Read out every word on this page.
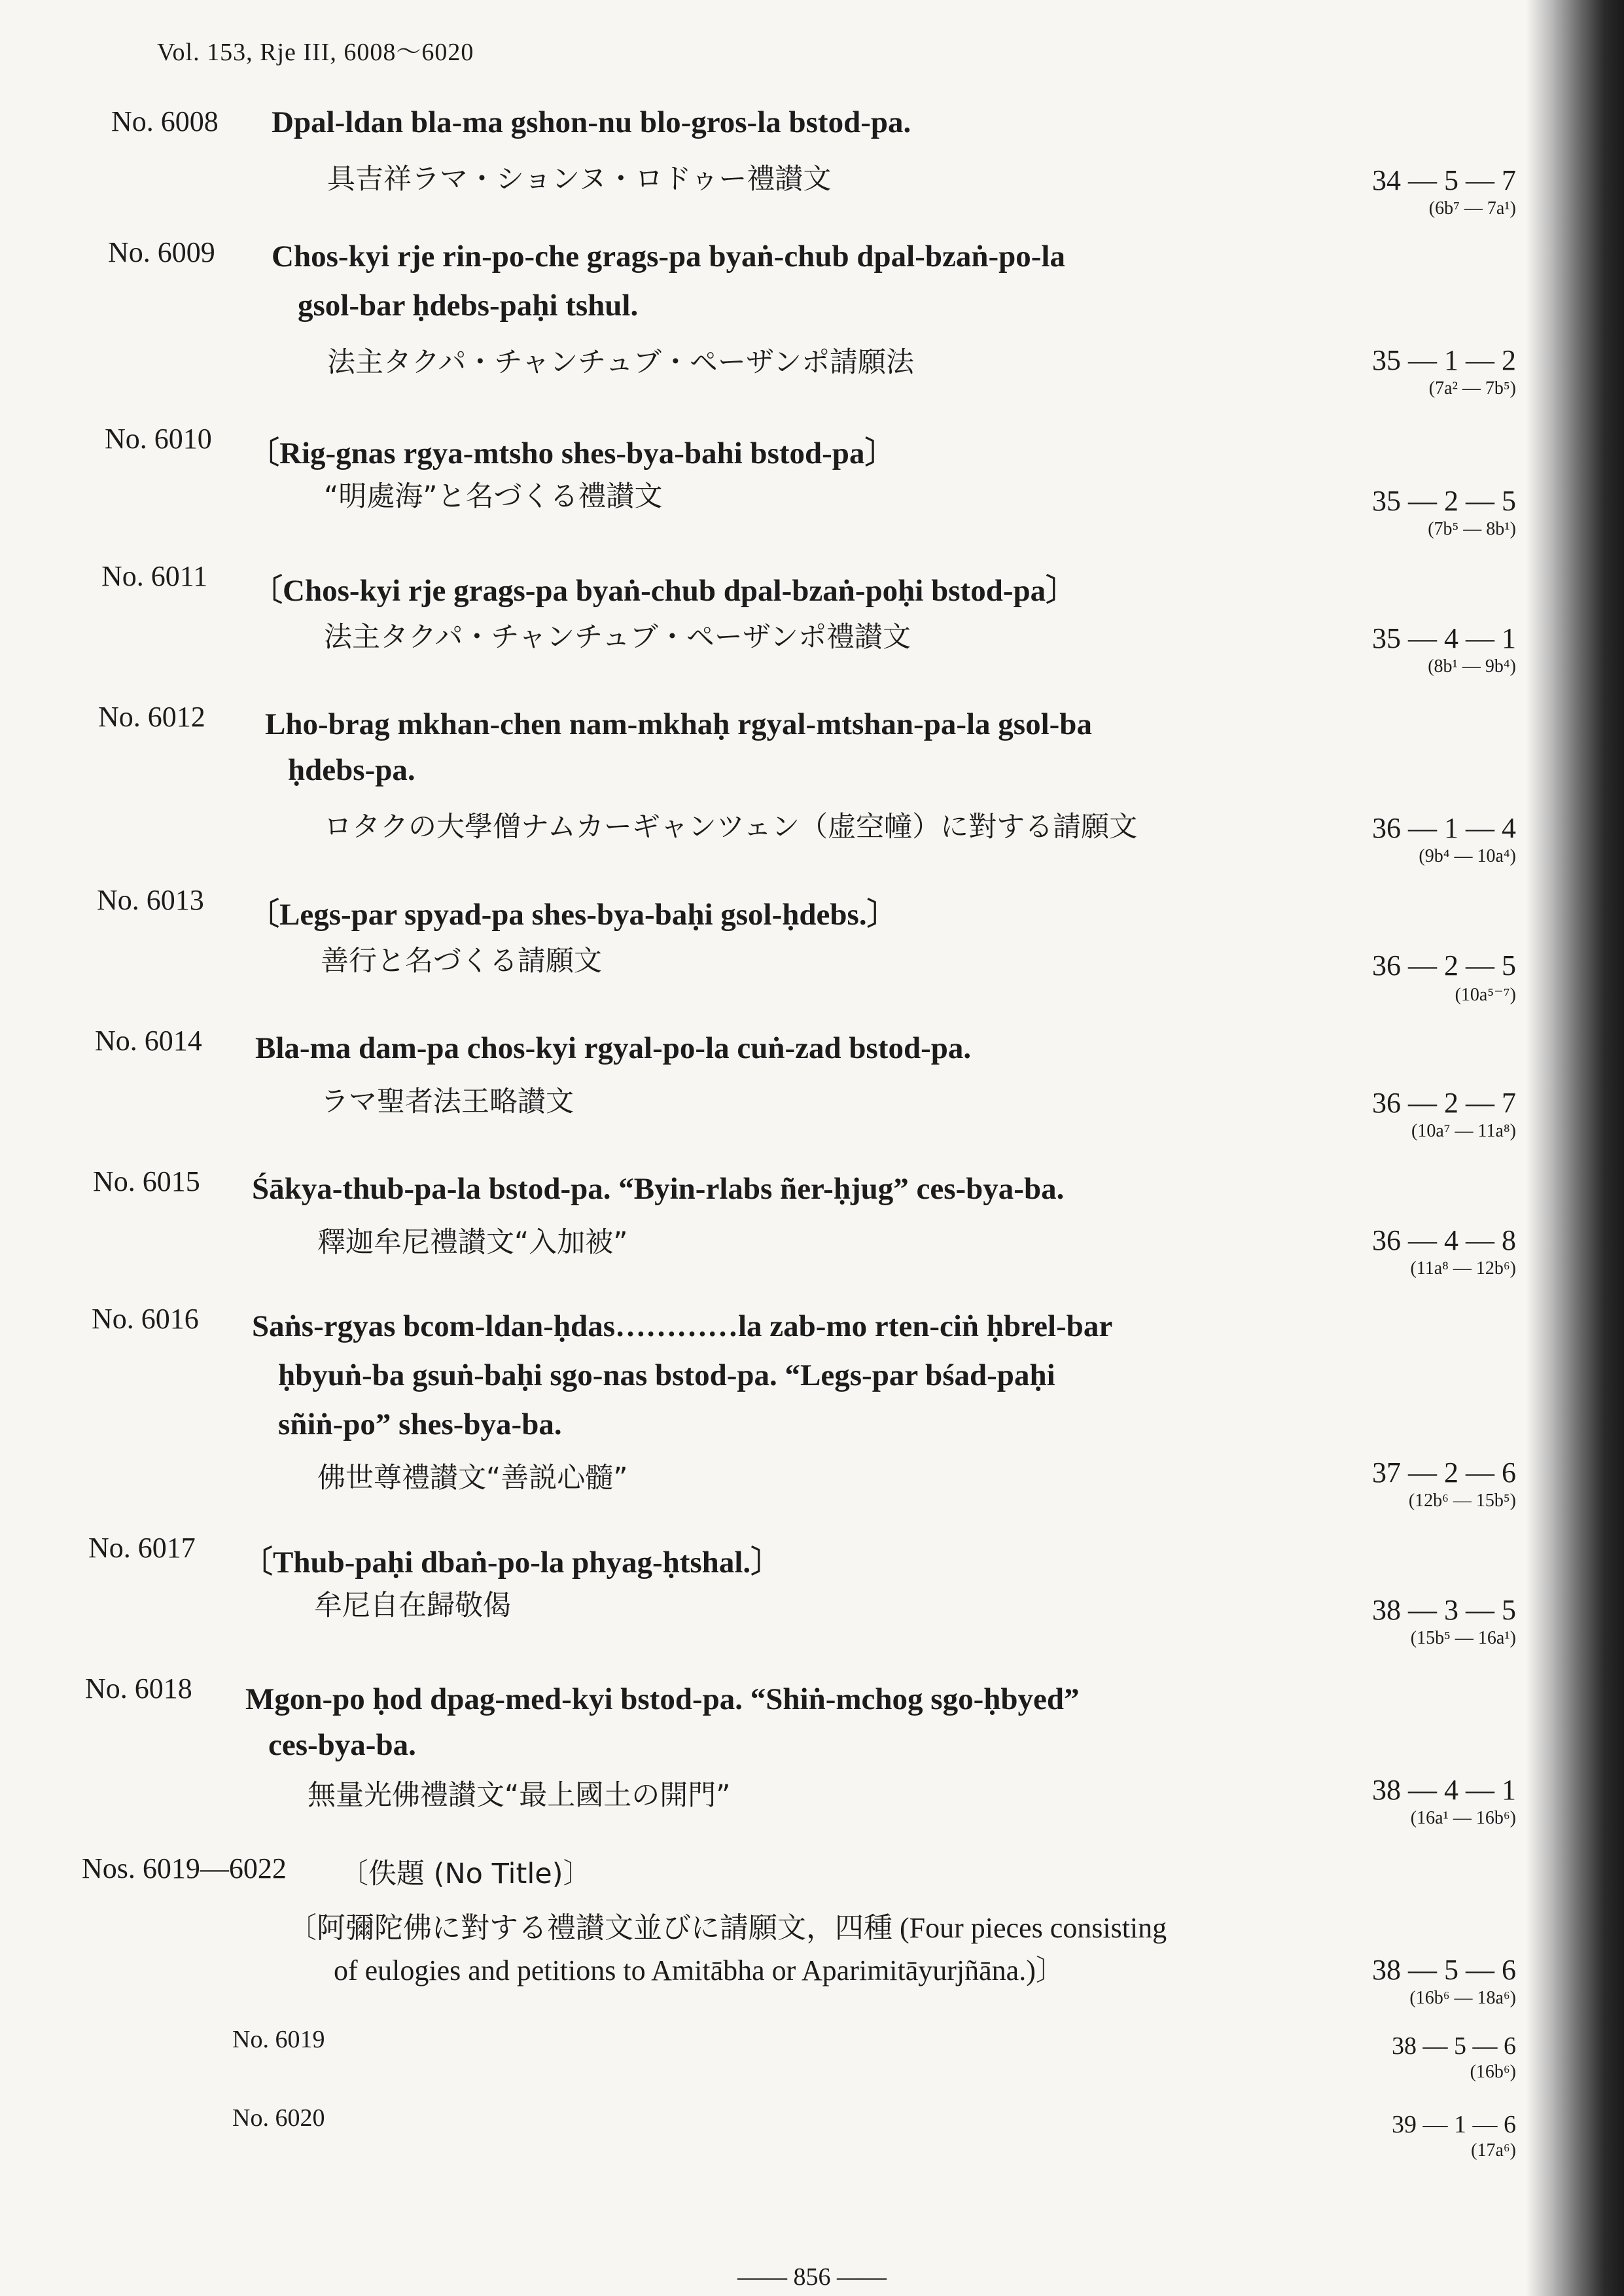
Vol. 153, Rje III, 6008～6020
No. 6008 Dpal-ldan bla-ma gshon-nu blo-gros-la bstod-pa.
具吉祥ラマ・ションヌ・ロドゥー禮讃文	34 — 5 — 7
(6b⁷ — 7a¹)
No. 6009 Chos-kyi rje rin-po-che grags-pa byaṅ-chub dpal-bzaṅ-po-la
gsol-bar ḥdebs-paḥi tshul.
法主タクパ・チャンチュブ・ペーザンポ請願法	35 — 1 — 2
(7a² — 7b⁵)
No. 6010 〔Rig-gnas rgya-mtsho shes-bya-bahi bstod-pa〕
“明處海”と名づくる禮讃文	35 — 2 — 5
(7b⁵ — 8b¹)
No. 6011 〔Chos-kyi rje grags-pa byaṅ-chub dpal-bzaṅ-poḥi bstod-pa〕
法主タクパ・チャンチュブ・ペーザンポ禮讃文	35 — 4 — 1
(8b¹ — 9b⁴)
No. 6012 Lho-brag mkhan-chen nam-mkhaḥ rgyal-mtshan-pa-la gsol-ba
ḥdebs-pa.
ロタクの大學僧ナムカーギャンツェン（虚空幢）に對する請願文	36 — 1 — 4
(9b⁴ — 10a⁴)
No. 6013 〔Legs-par spyad-pa shes-bya-baḥi gsol-ḥdebs.〕
善行と名づくる請願文	36 — 2 — 5
(10a⁵⁻⁷)
No. 6014 Bla-ma dam-pa chos-kyi rgyal-po-la cuṅ-zad bstod-pa.
ラマ聖者法王略讃文	36 — 2 — 7
(10a⁷ — 11a⁸)
No. 6015 Śākya-thub-pa-la bstod-pa. “Byin-rlabs ñer-ḥjug” ces-bya-ba.
釋迦牟尼禮讃文“入加被”	36 — 4 — 8
(11a⁸ — 12b⁶)
No. 6016 Saṅs-rgyas bcom-ldan-ḥdas…………la zab-mo rten-ciṅ ḥbrel-bar
ḥbyuṅ-ba gsuṅ-baḥi sgo-nas bstod-pa. “Legs-par bśad-paḥi
sñiṅ-po” shes-bya-ba.
佛世尊禮讃文“善説心髓”	37 — 2 — 6
(12b⁶ — 15b⁵)
No. 6017 〔Thub-paḥi dbaṅ-po-la phyag-ḥtshal.〕
牟尼自在歸敬偈	38 — 3 — 5
(15b⁵ — 16a¹)
No. 6018 Mgon-po ḥod dpag-med-kyi bstod-pa. “Shiṅ-mchog sgo-ḥbyed”
ces-bya-ba.
無量光佛禮讃文“最上國土の開門”	38 — 4 — 1
(16a¹ — 16b⁶)
Nos. 6019—6022 〔佚題 (No Title)〕
〔阿彌陀佛に對する禮讃文並びに請願文，四種 (Four pieces consisting
of eulogies and petitions to Amitābha or Aparimitāyurjñāna.)〕	38 — 5 — 6
(16b⁶ — 18a⁶)
No. 6019	38 — 5 — 6
(16b⁶)
No. 6020	39 — 1 — 6
(17a⁶)
—— 856 ——
